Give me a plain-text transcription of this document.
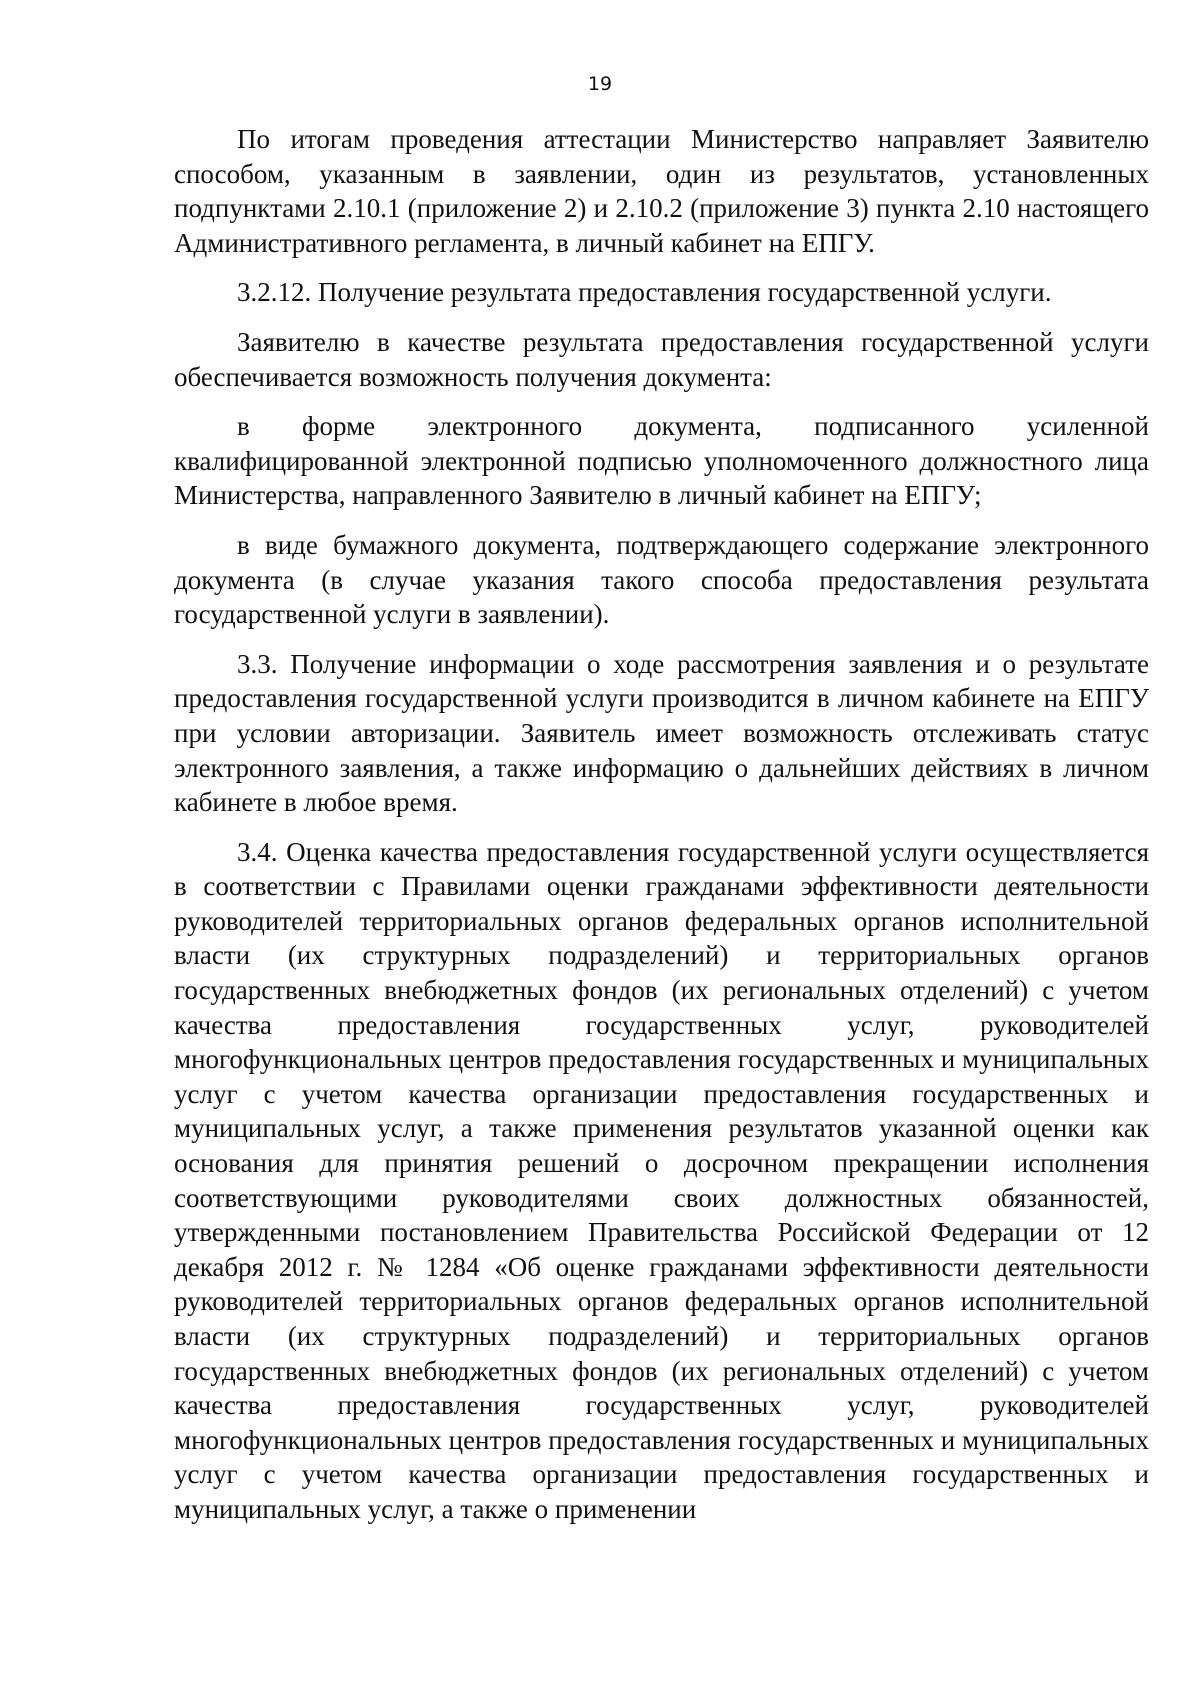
19

По итогам проведения аттестации Министерство направляет Заявителю способом, указанным в заявлении, один из результатов, установленных подпунктами 2.10.1 (приложение 2) и 2.10.2 (приложение 3) пункта 2.10 настоящего Административного регламента, в личный кабинет на ЕПГУ.

3.2.12. Получение результата предоставления государственной услуги.

Заявителю в качестве результата предоставления государственной услуги обеспечивается возможность получения документа:

в форме электронного документа, подписанного усиленной квалифицированной электронной подписью уполномоченного должностного лица Министерства, направленного Заявителю в личный кабинет на ЕПГУ;

в виде бумажного документа, подтверждающего содержание электронного документа (в случае указания такого способа предоставления результата государственной услуги в заявлении).

3.3. Получение информации о ходе рассмотрения заявления и о результате предоставления государственной услуги производится в личном кабинете на ЕПГУ при условии авторизации. Заявитель имеет возможность отслеживать статус электронного заявления, а также информацию о дальнейших действиях в личном кабинете в любое время.

3.4. Оценка качества предоставления государственной услуги осуществляется в соответствии с Правилами оценки гражданами эффективности деятельности руководителей территориальных органов федеральных органов исполнительной власти (их структурных подразделений) и территориальных органов государственных внебюджетных фондов (их региональных отделений) с учетом качества предоставления государственных услуг, руководителей многофункциональных центров предоставления государственных и муниципальных услуг с учетом качества организации предоставления государственных и муниципальных услуг, а также применения результатов указанной оценки как основания для принятия решений о досрочном прекращении исполнения соответствующими руководителями своих должностных обязанностей, утвержденными постановлением Правительства Российской Федерации от 12 декабря 2012 г. № 1284 «Об оценке гражданами эффективности деятельности руководителей территориальных органов федеральных органов исполнительной власти (их структурных подразделений) и территориальных органов государственных внебюджетных фондов (их региональных отделений) с учетом качества предоставления государственных услуг, руководителей многофункциональных центров предоставления государственных и муниципальных услуг с учетом качества организации предоставления государственных и муниципальных услуг, а также о применении
